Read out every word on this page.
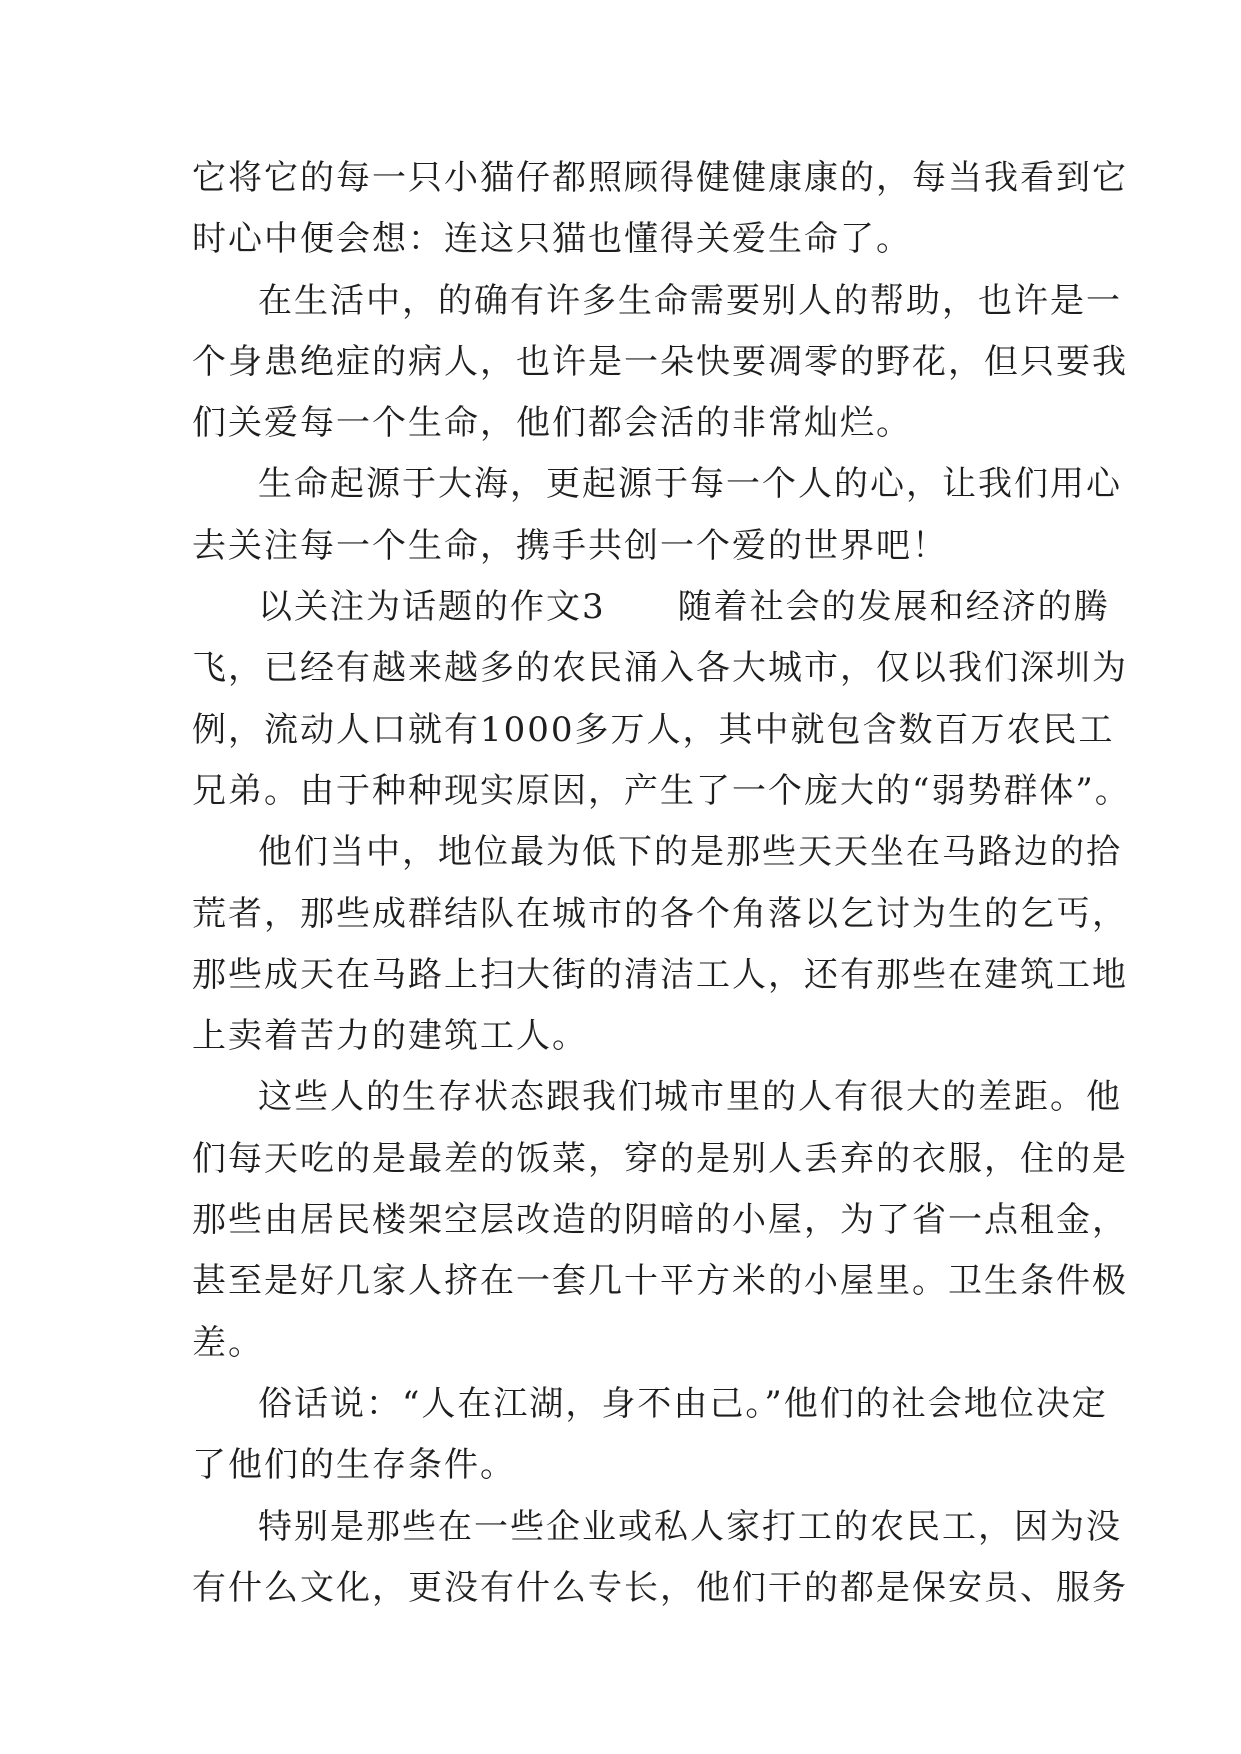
它将它的每一只小猫仔都照顾得健健康康的，每当我看到它
时心中便会想：连这只猫也懂得关爱生命了。
在生活中，的确有许多生命需要别人的帮助，也许是一
个身患绝症的病人，也许是一朵快要凋零的野花，但只要我
们关爱每一个生命，他们都会活的非常灿烂。
生命起源于大海，更起源于每一个人的心，让我们用心
去关注每一个生命，携手共创一个爱的世界吧！
以关注为话题的作文3　　随着社会的发展和经济的腾
飞，已经有越来越多的农民涌入各大城市，仅以我们深圳为
例，流动人口就有1000多万人，其中就包含数百万农民工
兄弟。由于种种现实原因，产生了一个庞大的“弱势群体”。
他们当中，地位最为低下的是那些天天坐在马路边的拾
荒者，那些成群结队在城市的各个角落以乞讨为生的乞丐，
那些成天在马路上扫大街的清洁工人，还有那些在建筑工地
上卖着苦力的建筑工人。
这些人的生存状态跟我们城市里的人有很大的差距。他
们每天吃的是最差的饭菜，穿的是别人丢弃的衣服，住的是
那些由居民楼架空层改造的阴暗的小屋，为了省一点租金，
甚至是好几家人挤在一套几十平方米的小屋里。卫生条件极
差。
俗话说：“人在江湖，身不由己。”他们的社会地位决定
了他们的生存条件。
特别是那些在一些企业或私人家打工的农民工，因为没
有什么文化，更没有什么专长，他们干的都是保安员、服务
